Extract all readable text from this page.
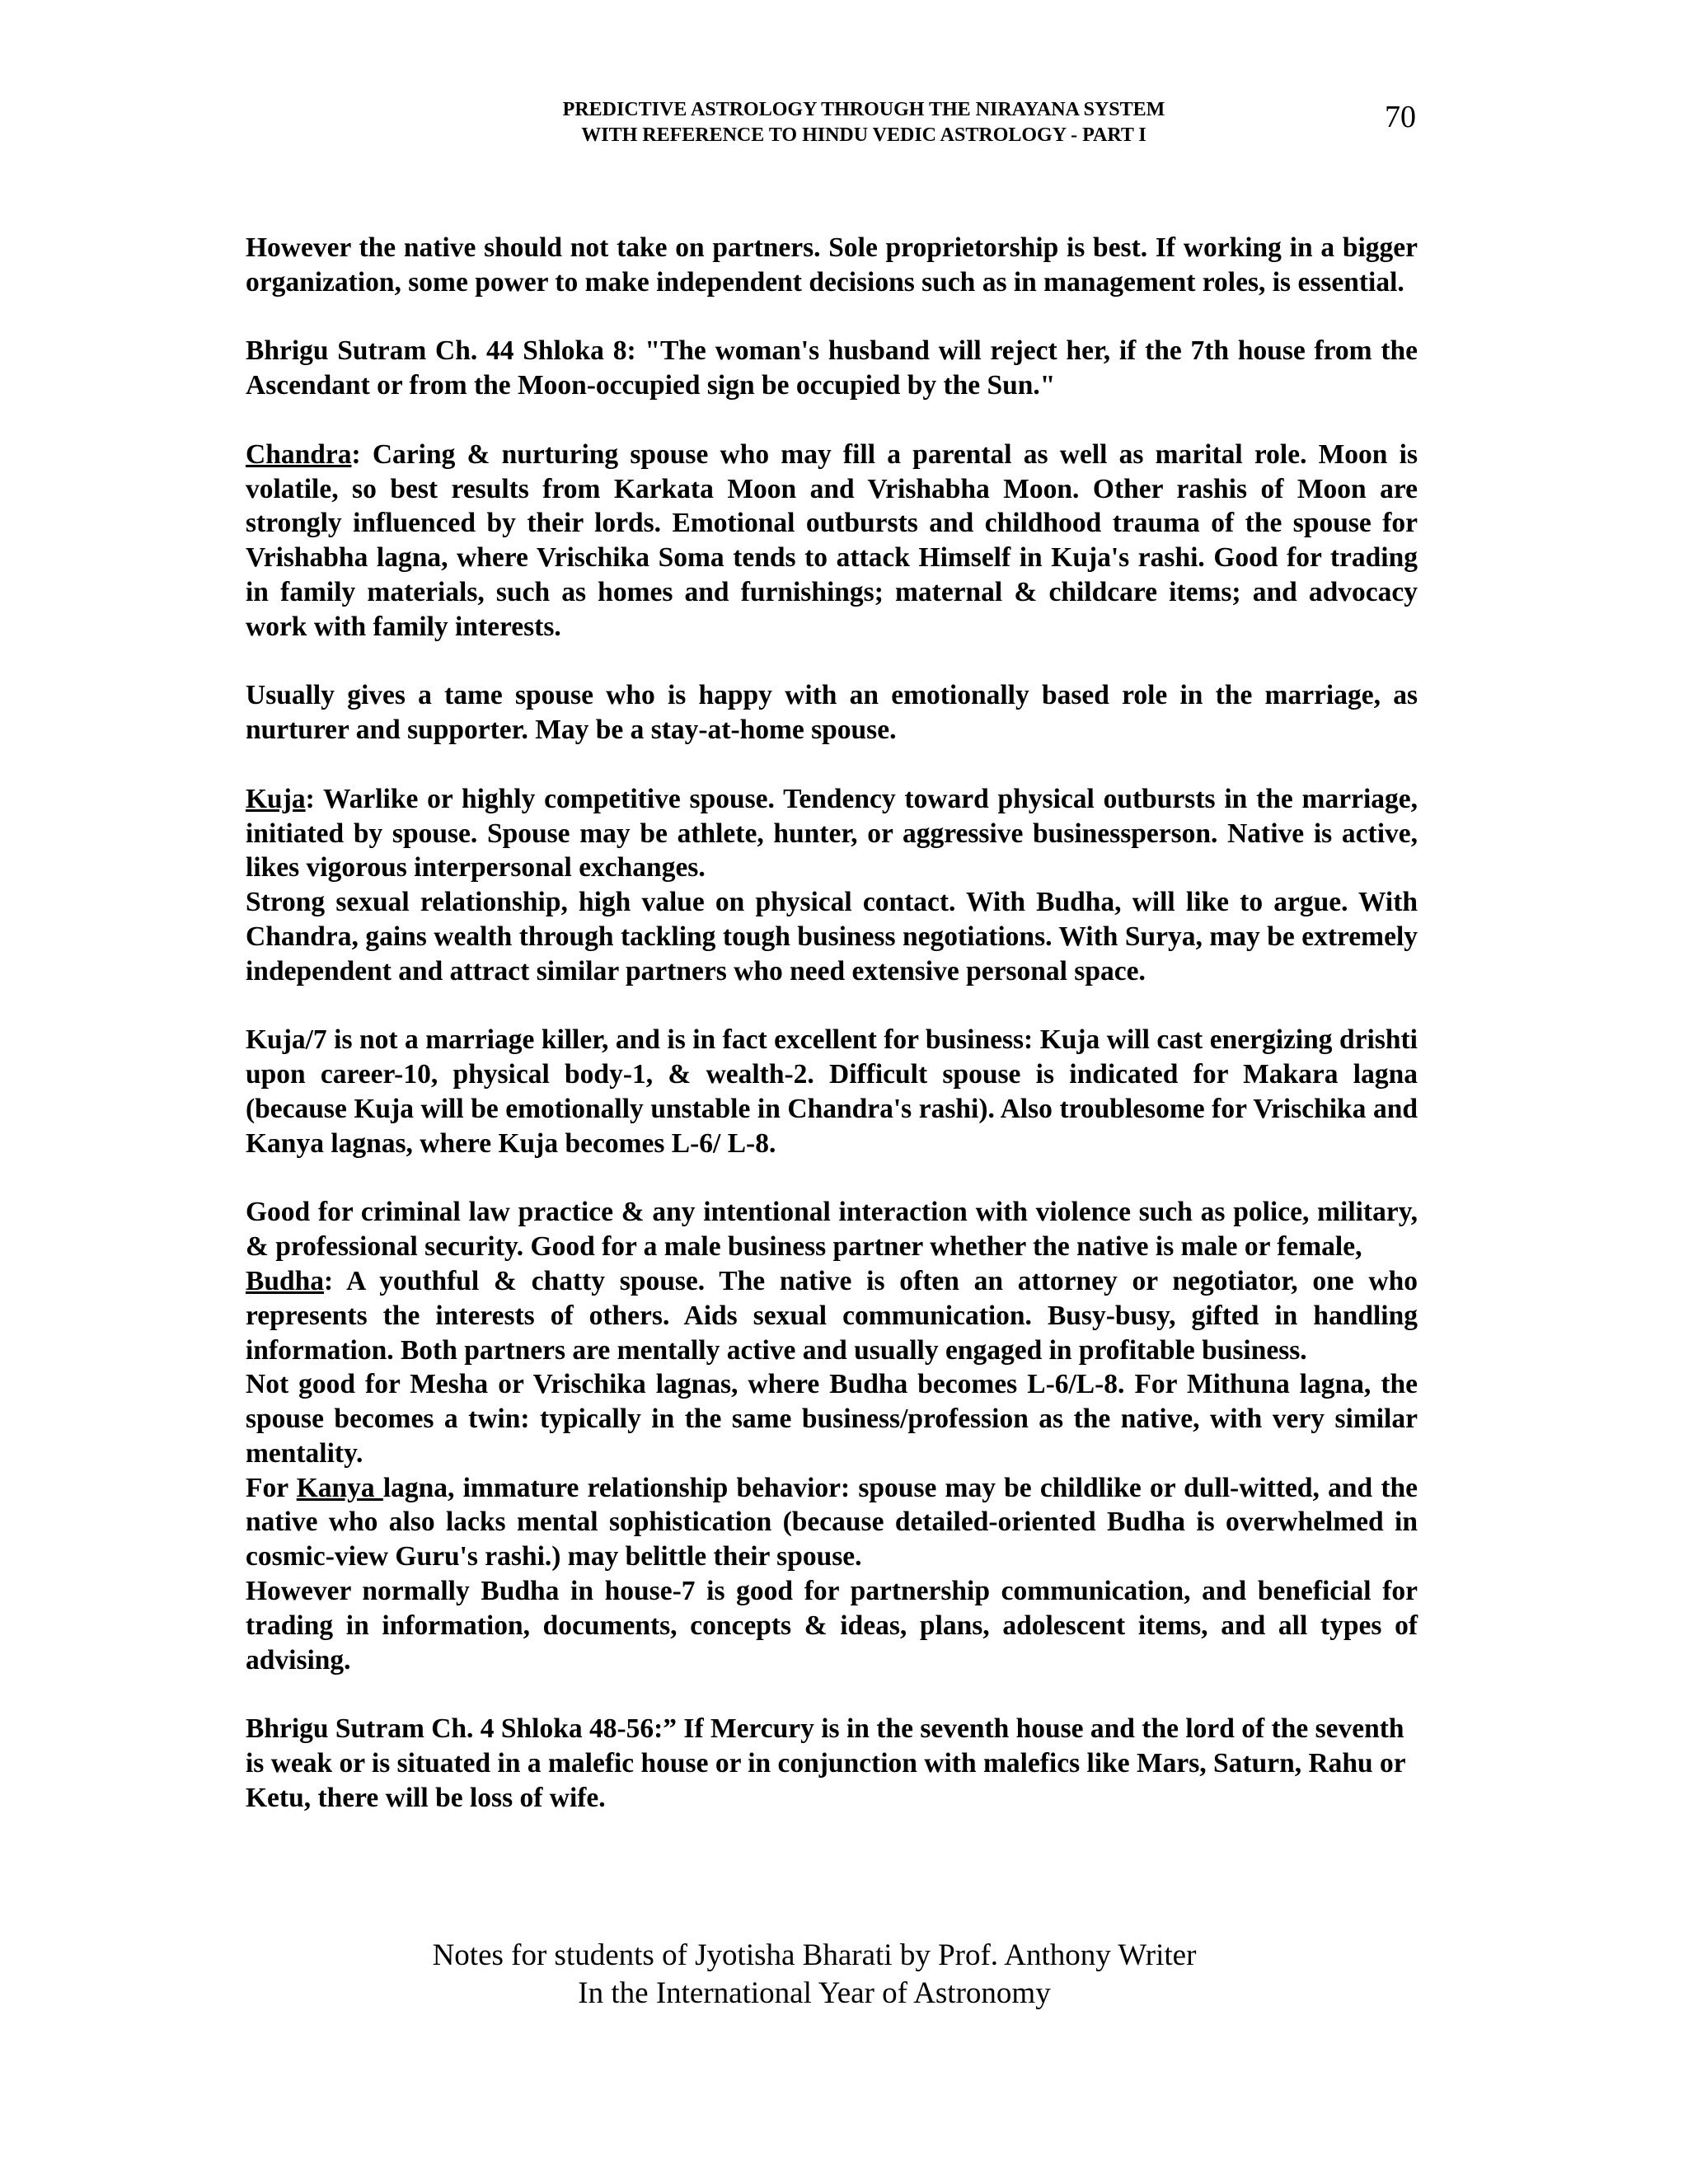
PREDICTIVE ASTROLOGY THROUGH THE NIRAYANA SYSTEM
WITH REFERENCE TO HINDU VEDIC ASTROLOGY - PART I
70

However the native should not take on partners. Sole proprietorship is best. If working in a bigger organization, some power to make independent decisions such as in management roles, is essential.

Bhrigu Sutram Ch. 44 Shloka 8: "The woman's husband will reject her, if the 7th house from the Ascendant or from the Moon-occupied sign be occupied by the Sun."

Chandra: Caring & nurturing spouse who may fill a parental as well as marital role. Moon is volatile, so best results from Karkata Moon and Vrishabha Moon. Other rashis of Moon are strongly influenced by their lords. Emotional outbursts and childhood trauma of the spouse for Vrishabha lagna, where Vrischika Soma tends to attack Himself in Kuja's rashi. Good for trading in family materials, such as homes and furnishings; maternal & childcare items; and advocacy work with family interests.

Usually gives a tame spouse who is happy with an emotionally based role in the marriage, as nurturer and supporter. May be a stay-at-home spouse.

Kuja: Warlike or highly competitive spouse. Tendency toward physical outbursts in the marriage, initiated by spouse. Spouse may be athlete, hunter, or aggressive businessperson. Native is active, likes vigorous interpersonal exchanges.

Strong sexual relationship, high value on physical contact. With Budha, will like to argue. With Chandra, gains wealth through tackling tough business negotiations. With Surya, may be extremely independent and attract similar partners who need extensive personal space.

Kuja/7 is not a marriage killer, and is in fact excellent for business: Kuja will cast energizing drishti upon career-10, physical body-1, & wealth-2. Difficult spouse is indicated for Makara lagna (because Kuja will be emotionally unstable in Chandra's rashi). Also troublesome for Vrischika and Kanya lagnas, where Kuja becomes L-6/ L-8.

Good for criminal law practice & any intentional interaction with violence such as police, military, & professional security. Good for a male business partner whether the native is male or female,

Budha: A youthful & chatty spouse. The native is often an attorney or negotiator, one who represents the interests of others. Aids sexual communication. Busy-busy, gifted in handling information. Both partners are mentally active and usually engaged in profitable business.

Not good for Mesha or Vrischika lagnas, where Budha becomes L-6/L-8. For Mithuna lagna, the spouse becomes a twin: typically in the same business/profession as the native, with very similar mentality.

For Kanya lagna, immature relationship behavior: spouse may be childlike or dull-witted, and the native who also lacks mental sophistication (because detailed-oriented Budha is overwhelmed in cosmic-view Guru's rashi.) may belittle their spouse.

However normally Budha in house-7 is good for partnership communication, and beneficial for trading in information, documents, concepts & ideas, plans, adolescent items, and all types of advising.

Bhrigu Sutram Ch. 4 Shloka 48-56:” If Mercury is in the seventh house and the lord of the seventh is weak or is situated in a malefic house or in conjunction with malefics like Mars, Saturn, Rahu or Ketu, there will be loss of wife.

Notes for students of Jyotisha Bharati by Prof. Anthony Writer
In the International Year of Astronomy
